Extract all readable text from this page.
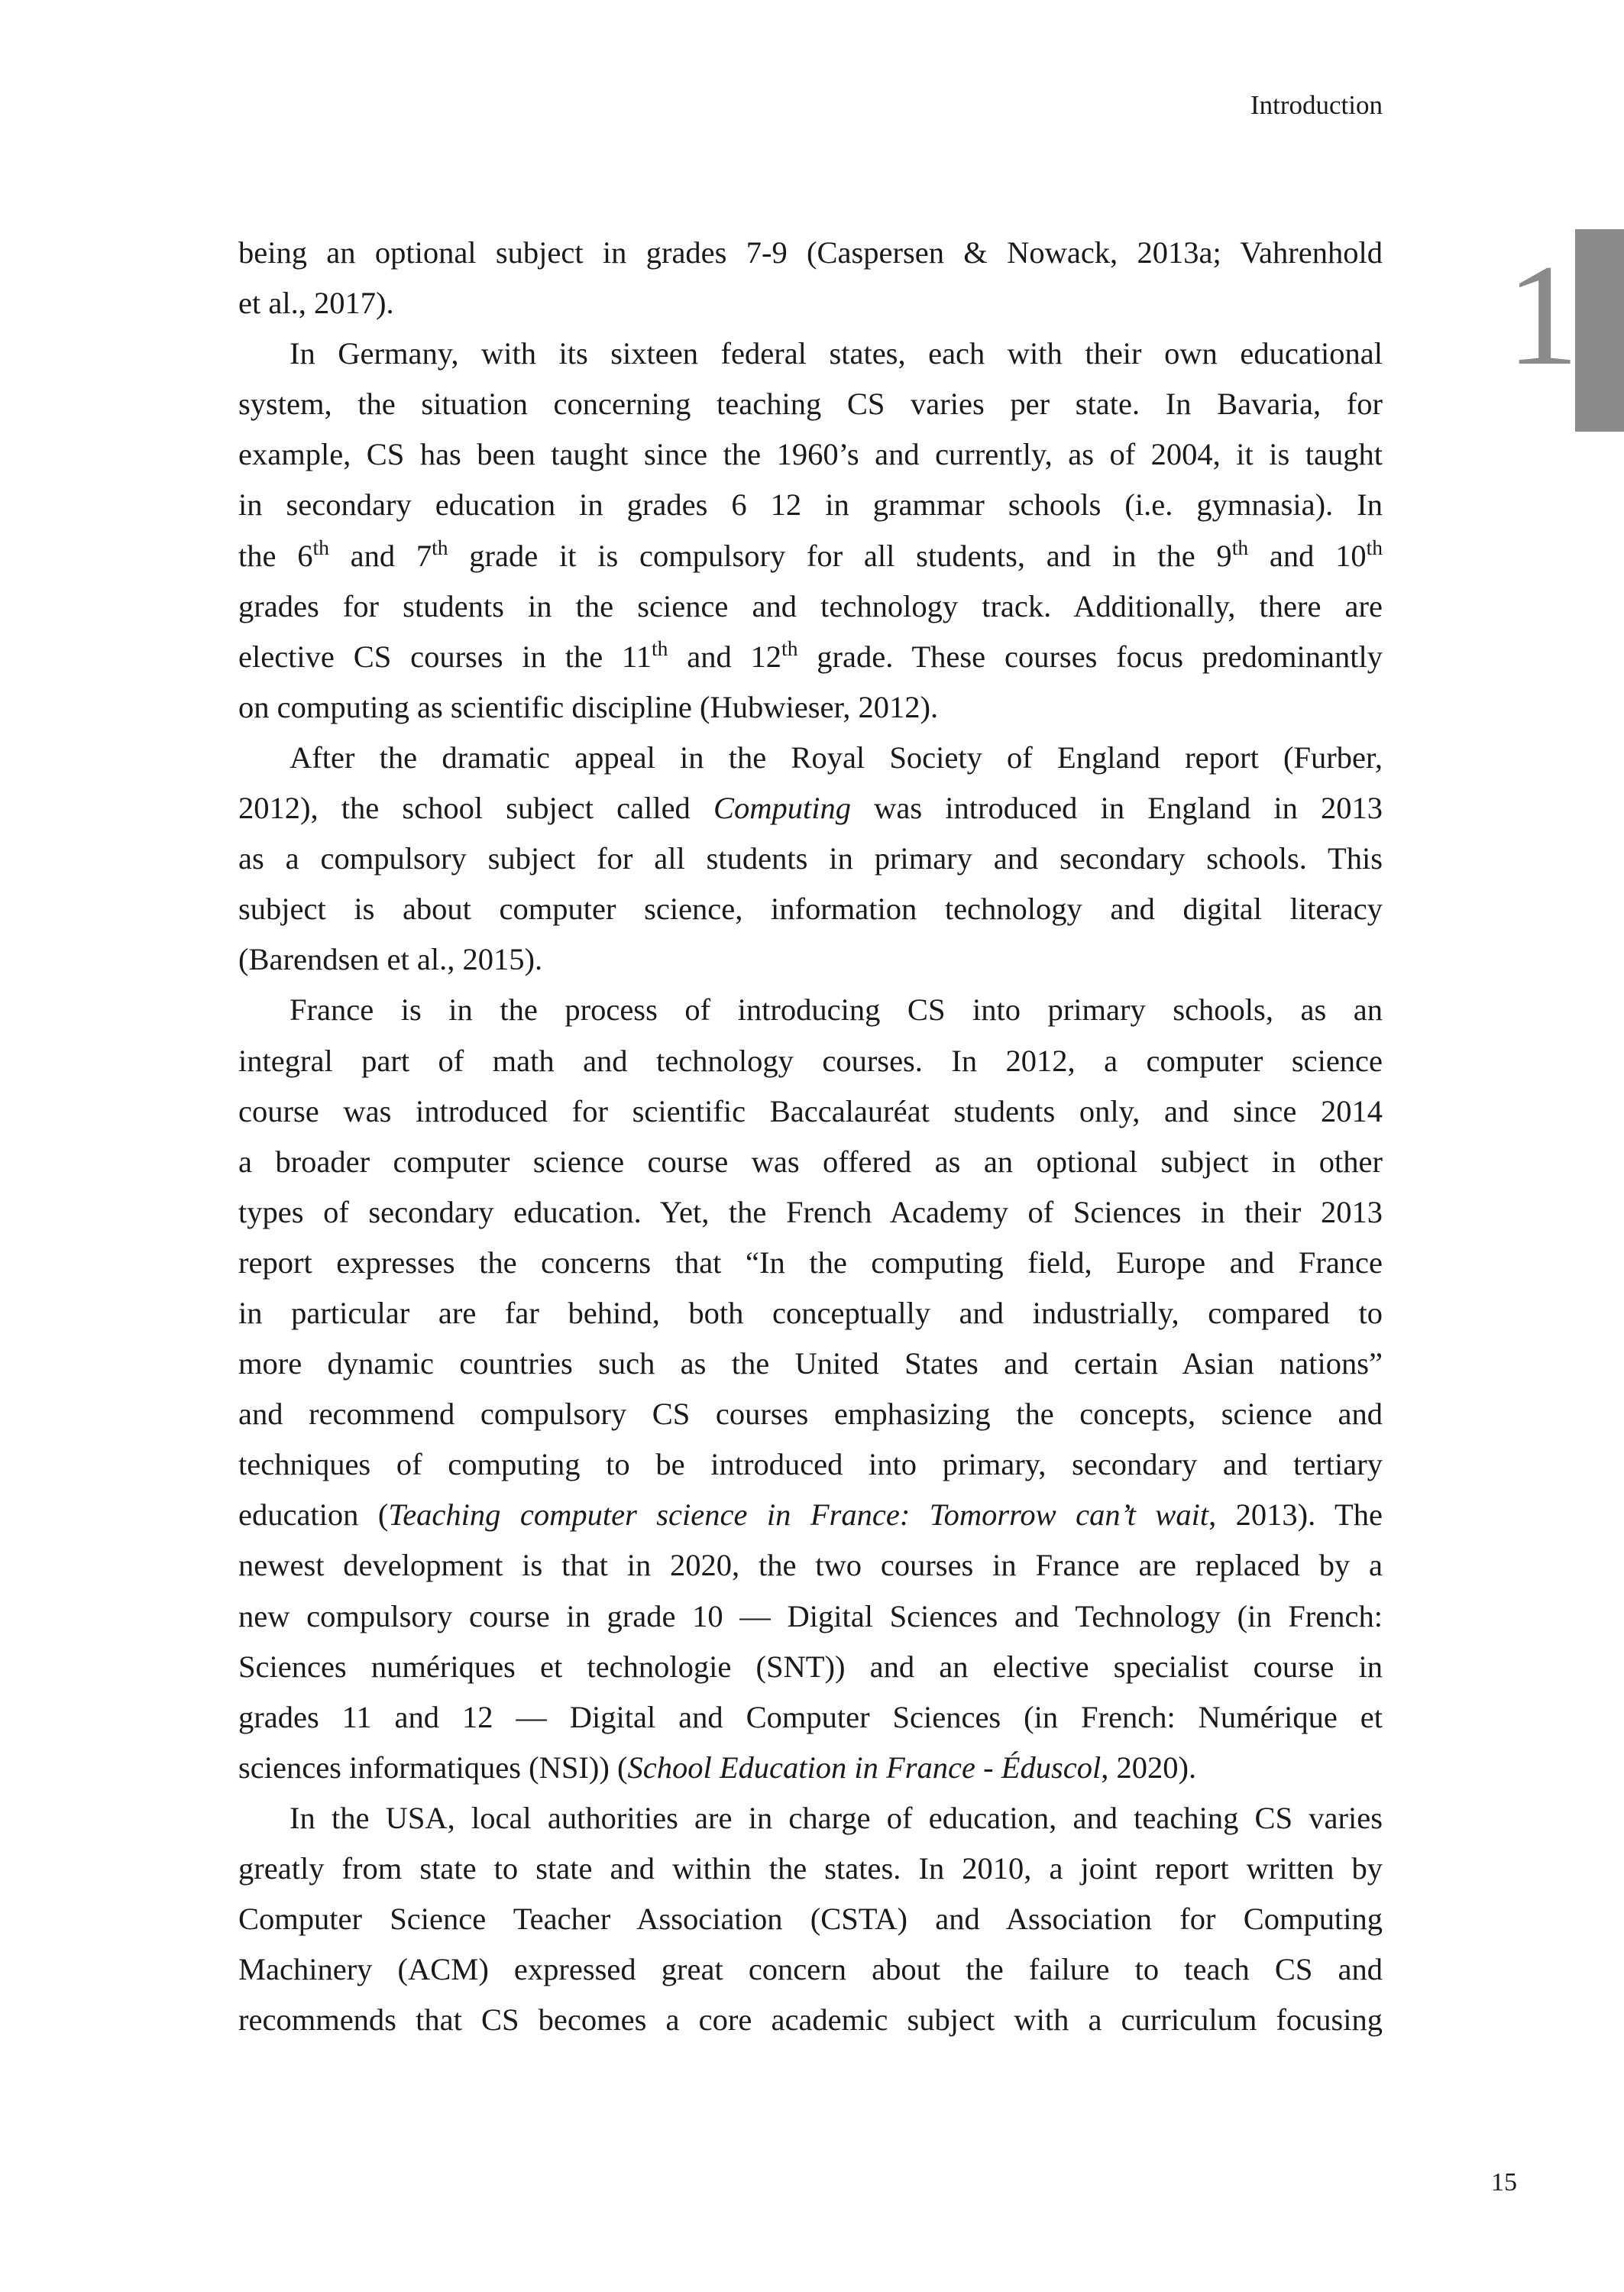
Introduction
1
being an optional subject in grades 7-9 (Caspersen & Nowack, 2013a; Vahrenhold
et al., 2017).
In Germany, with its sixteen federal states, each with their own educational
system, the situation concerning teaching CS varies per state. In Bavaria, for
example, CS has been taught since the 1960’s and currently, as of 2004, it is taught
in secondary education in grades 6 12 in grammar schools (i.e. gymnasia). In
the 6th and 7th grade it is compulsory for all students, and in the 9th and 10th
grades for students in the science and technology track. Additionally, there are
elective CS courses in the 11th and 12th grade. These courses focus predominantly
on computing as scientific discipline (Hubwieser, 2012).
After the dramatic appeal in the Royal Society of England report (Furber,
2012), the school subject called Computing was introduced in England in 2013
as a compulsory subject for all students in primary and secondary schools. This
subject is about computer science, information technology and digital literacy
(Barendsen et al., 2015).
France is in the process of introducing CS into primary schools, as an
integral part of math and technology courses. In 2012, a computer science
course was introduced for scientific Baccalauréat students only, and since 2014
a broader computer science course was offered as an optional subject in other
types of secondary education. Yet, the French Academy of Sciences in their 2013
report expresses the concerns that “In the computing field, Europe and France
in particular are far behind, both conceptually and industrially, compared to
more dynamic countries such as the United States and certain Asian nations”
and recommend compulsory CS courses emphasizing the concepts, science and
techniques of computing to be introduced into primary, secondary and tertiary
education (Teaching computer science in France: Tomorrow can’t wait, 2013). The
newest development is that in 2020, the two courses in France are replaced by a
new compulsory course in grade 10 — Digital Sciences and Technology (in French:
Sciences numériques et technologie (SNT)) and an elective specialist course in
grades 11 and 12 — Digital and Computer Sciences (in French: Numérique et
sciences informatiques (NSI)) (School Education in France - Éduscol, 2020).
In the USA, local authorities are in charge of education, and teaching CS varies
greatly from state to state and within the states. In 2010, a joint report written by
Computer Science Teacher Association (CSTA) and Association for Computing
Machinery (ACM) expressed great concern about the failure to teach CS and
recommends that CS becomes a core academic subject with a curriculum focusing
15
